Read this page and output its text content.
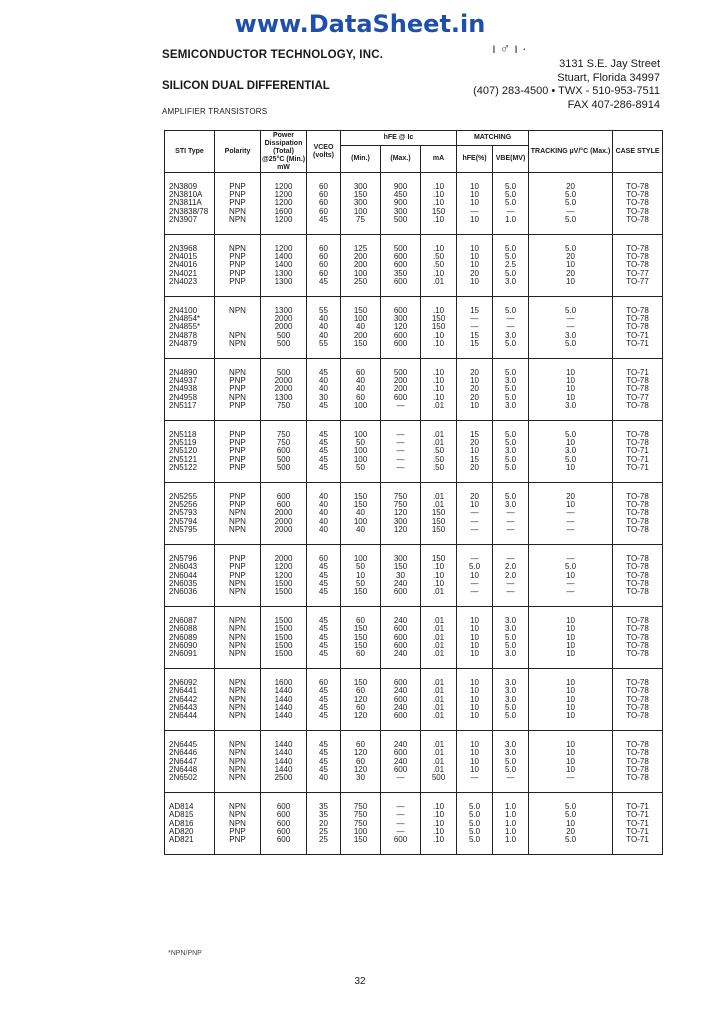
www.DataSheet.in
SEMICONDUCTOR TECHNOLOGY, INC.	ı ♂ ı ·
3131 S.E. Jay Street
Stuart, Florida 34997
(407) 283-4500 • TWX - 510-953-7511
FAX 407-286-8914
SILICON DUAL DIFFERENTIAL
AMPLIFIER TRANSISTORS
STI Type	Polarity	Power Dissipation (Total) @25°C (Min.) mW	VCEO (volts)	hFE @ Ic			MATCHING		TRACKING µV/°C (Max.)	CASE STYLE
				(Min.)	(Max.)	mA	hFE(%)	VBE(MV)		
2N3809	PNP	1200	60	300	900	.10	10	5.0	20	TO-78
2N3810A	PNP	1200	60	150	450	.10	10	5.0	5.0	TO-78
2N3811A	PNP	1200	60	300	900	.10	10	5.0	5.0	TO-78
2N3838/78	NPN	1600	60	100	300	150	—	—	—	TO-78
2N3907	NPN	1200	45	75	500	.10	10	1.0	5.0	TO-78
2N3968	NPN	1200	60	125	500	.10	10	5.0	5.0	TO-78
2N4015	PNP	1400	60	200	600	.50	10	5.0	20	TO-78
2N4016	PNP	1400	60	200	600	.50	10	2.5	10	TO-78
2N4021	PNP	1300	60	100	350	.10	20	5.0	20	TO-77
2N4023	PNP	1300	45	250	600	.01	10	3.0	10	TO-77
2N4100	NPN	1300	55	150	600	.10	15	5.0	5.0	TO-78
2N4854*		2000	40	100	300	150	—	—	—	TO-78
2N4855*		2000	40	40	120	150	—	—	—	TO-78
2N4878	NPN	500	40	200	600	.10	15	3.0	3.0	TO-71
2N4879	NPN	500	55	150	600	.10	15	5.0	5.0	TO-71
2N4890	NPN	500	45	60	500	.10	20	5.0	10	TO-71
2N4937	PNP	2000	40	40	200	.10	10	3.0	10	TO-78
2N4938	PNP	2000	40	40	200	.10	20	5.0	10	TO-78
2N4958	NPN	1300	30	60	600	.10	20	5.0	10	TO-77
2N5117	PNP	750	45	100	—	.01	10	3.0	3.0	TO-78
2N5118	PNP	750	45	100	—	.01	15	5.0	5.0	TO-78
2N5119	PNP	750	45	50	—	.01	20	5.0	10	TO-78
2N5120	PNP	600	45	100	—	.50	10	3.0	3.0	TO-71
2N5121	PNP	500	45	100	—	.50	15	5.0	5.0	TO-71
2N5122	PNP	500	45	50	—	.50	20	5.0	10	TO-71
2N5255	PNP	600	40	150	750	.01	20	5.0	20	TO-78
2N5256	PNP	600	40	150	750	.01	10	3.0	10	TO-78
2N5793	NPN	2000	40	40	120	150	—	—	—	TO-78
2N5794	NPN	2000	40	100	300	150	—	—	—	TO-78
2N5795	NPN	2000	40	40	120	150	—	—	—	TO-78
2N5796	PNP	2000	60	100	300	150	—	—	—	TO-78
2N6043	PNP	1200	45	50	150	.10	5.0	2.0	5.0	TO-78
2N6044	PNP	1200	45	10	30	.10	10	2.0	10	TO-78
2N6035	NPN	1500	45	50	240	.10	—	—	—	TO-78
2N6036	NPN	1500	45	150	600	.01	—	—	—	TO-78
2N6087	NPN	1500	45	60	240	.01	10	3.0	10	TO-78
2N6088	NPN	1500	45	150	600	.01	10	3.0	10	TO-78
2N6089	NPN	1500	45	150	600	.01	10	5.0	10	TO-78
2N6090	NPN	1500	45	150	600	.01	10	5.0	10	TO-78
2N6091	NPN	1500	45	60	240	.01	10	3.0	10	TO-78
2N6092	NPN	1600	60	150	600	.01	10	3.0	10	TO-78
2N6441	NPN	1440	45	60	240	.01	10	3.0	10	TO-78
2N6442	NPN	1440	45	120	600	.01	10	3.0	10	TO-78
2N6443	NPN	1440	45	60	240	.01	10	5.0	10	TO-78
2N6444	NPN	1440	45	120	600	.01	10	5.0	10	TO-78
2N6445	NPN	1440	45	60	240	.01	10	3.0	10	TO-78
2N6446	NPN	1440	45	120	600	.01	10	3.0	10	TO-78
2N6447	NPN	1440	45	60	240	.01	10	5.0	10	TO-78
2N6448	NPN	1440	45	120	600	.01	10	5.0	10	TO-78
2N6502	NPN	2500	40	30	—	500	—	—	—	TO-78
AD814	NPN	600	35	750	—	.10	5.0	1.0	5.0	TO-71
AD815	NPN	600	35	750	—	.10	5.0	1.0	5.0	TO-71
AD816	NPN	600	20	750	—	.10	5.0	1.0	10	TO-71
AD820	PNP	600	25	100	—	.10	5.0	1.0	20	TO-71
AD821	PNP	600	25	150	600	.10	5.0	1.0	5.0	TO-71
*NPN/PNP
32
